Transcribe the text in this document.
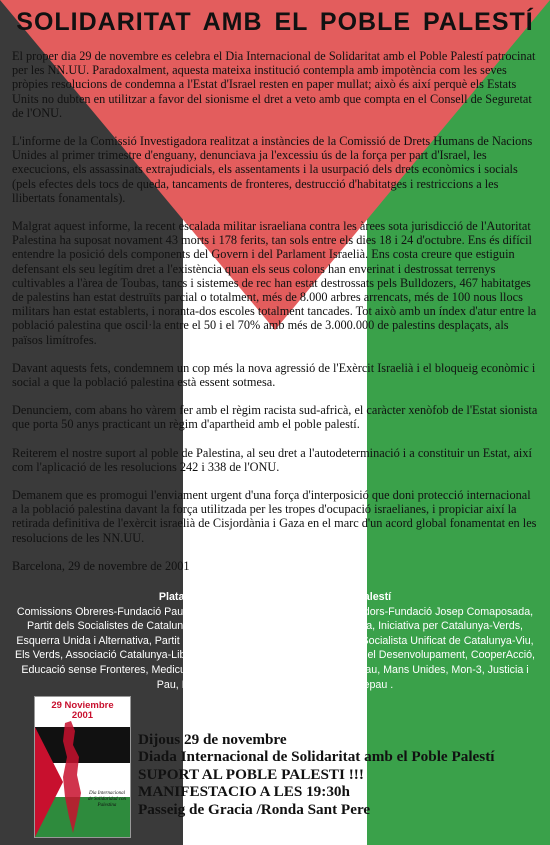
SOLIDARITAT AMB EL POBLE PALESTÍ

El proper dia 29 de novembre es celebra el Dia Internacional de Solidaritat amb el Poble Palestí patrocinat per les NN.UU. Paradoxalment, aquesta mateixa institució contempla amb impotència com les seves pròpies resolucions de condemna a l'Estat d'Israel resten en paper mullat; això és així perquè els Estats Units no dubten en utilitzar a favor del sionisme el dret a veto amb que compta en el Consell de Seguretat de l'ONU.

L'informe de la Comissió Investigadora realitzat a instàncies de la Comissió de Drets Humans de Nacions Unides al primer trimestre d'enguany, denunciava ja l'excessiu ús de la força per part d'Israel, les execucions, els assassinats extrajudicials, els assentaments i la usurpació dels drets econòmics i socials (pels efectes dels tocs de queda, tancaments de fronteres, destrucció d'habitatges i restriccions a les llibertats fonamentals).

Malgrat aquest informe, la recent escalada militar israeliana contra les àrees sota jurisdicció de l'Autoritat Palestina ha suposat novament 43 morts i 178 ferits, tan sols entre els dies 18 i 24 d'octubre. Ens és difícil entendre la posició dels components del Govern i del Parlament Israelià. Ens costa creure que estiguin defensant els seu legítim dret a l'existència quan els seus colons han enverinat i destrossat terrenys cultivables a l'àrea de Toubas, tancs i sistemes de rec han estat destrossats pels Bulldozers, 467 habitatges de palestins han estat destruïts parcial o totalment, més de 8.000 arbres arrencats, més de 100 nous llocs militars han estat establerts, i noranta-dos escoles totalment tancades. Tot això amb un índex d'atur entre la població palestina que oscil·la entre el 50 i el 70% amb més de 3.000.000 de palestins desplaçats, als països limítrofes.

Davant aquests fets, condemnem un cop més la nova agressió de l'Exèrcit Israelià i el bloqueig econòmic i social a que la població palestina està essent sotmesa.

Denunciem, com abans ho vàrem fer amb el règim racista sud-africà, el caràcter xenòfob de l'Estat sionista que porta 50 anys practicant un règim d'apartheid amb el poble palestí.

Reiterem el nostre suport al poble de Palestina, al seu dret a l'autodeterminació i a constituir un Estat, així com l'aplicació de les resolucions 242 i 338 de l'ONU.

Demanem que es promogui l'enviament urgent d'una força d'interposició que doni protecció internacional a la població palestina davant la força utilitzada per les tropes d'ocupació israelianes, i propiciar així la retirada definitiva de l'exèrcit israelià de Cisjordània i Gaza en el marc d'un acord global fonamentat en les resolucions de les NN.UU.

Barcelona, 29 de novembre de 2001

Plataforma de Solidaritat amb el Poble Palestí
Comissions Obreres-Fundació Pau i Solidaritat, Unió General de Treballadors-Fundació Josep Comaposada, Partit dels Socialistes de Catalunya, Esquerra Republicana de Catalunya, Iniciativa per Catalunya-Verds, Esquerra Unida i Alternativa, Partit dels Comunistes de Catalunya, Partit Socialista Unificat de Catalunya-Viu, Els Verds, Associació Catalunya-Liban, Federació Catalana de ONG's per el Desenvolupament, CooperAcció, Educació sense Fronteres, Medicus Mundi, Associació Catalana per la Pau, Mans Unides, Mon-3, Justicia i Pau, Fundació Per la Pau, Enrepobles, Sodepau .
29 Noviembre
2001
Dia Internacional de Solidaridad con Palestina
Dijous 29 de novembre
Diada Internacional de Solidaritat amb el Poble Palestí
SUPORT AL POBLE PALESTI !!!
MANIFESTACIO A LES 19:30h
Passeig de Gracia /Ronda Sant Pere
